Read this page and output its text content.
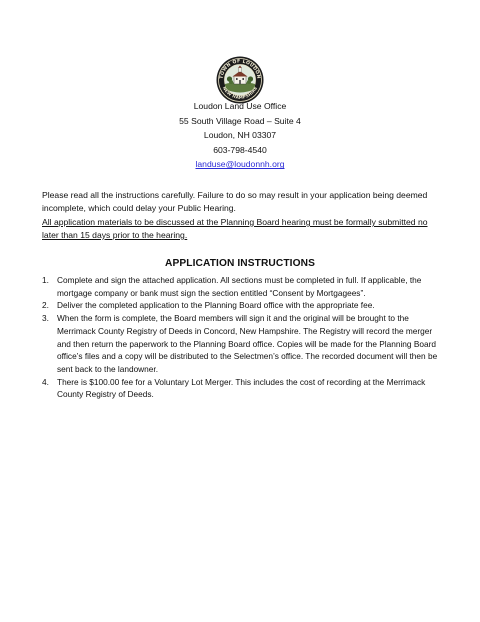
TOWN OF LOUDON
NEW HAMPSHIRE
Loudon Land Use Office
55 South Village Road – Suite 4
Loudon, NH 03307
603-798-4540
landuse@loudonnh.org
Please read all the instructions carefully. Failure to do so may result in your application being deemed incomplete, which could delay your Public Hearing.
All application materials to be discussed at the Planning Board hearing must be formally submitted no later than 15 days prior to the hearing.
APPLICATION INSTRUCTIONS
1. Complete and sign the attached application. All sections must be completed in full. If applicable, the mortgage company or bank must sign the section entitled “Consent by Mortgagees”.
2. Deliver the completed application to the Planning Board office with the appropriate fee.
3. When the form is complete, the Board members will sign it and the original will be brought to the Merrimack County Registry of Deeds in Concord, New Hampshire. The Registry will record the merger and then return the paperwork to the Planning Board office. Copies will be made for the Planning Board office’s files and a copy will be distributed to the Selectmen’s office. The recorded document will then be sent back to the landowner.
4. There is $100.00 fee for a Voluntary Lot Merger. This includes the cost of recording at the Merrimack County Registry of Deeds.
